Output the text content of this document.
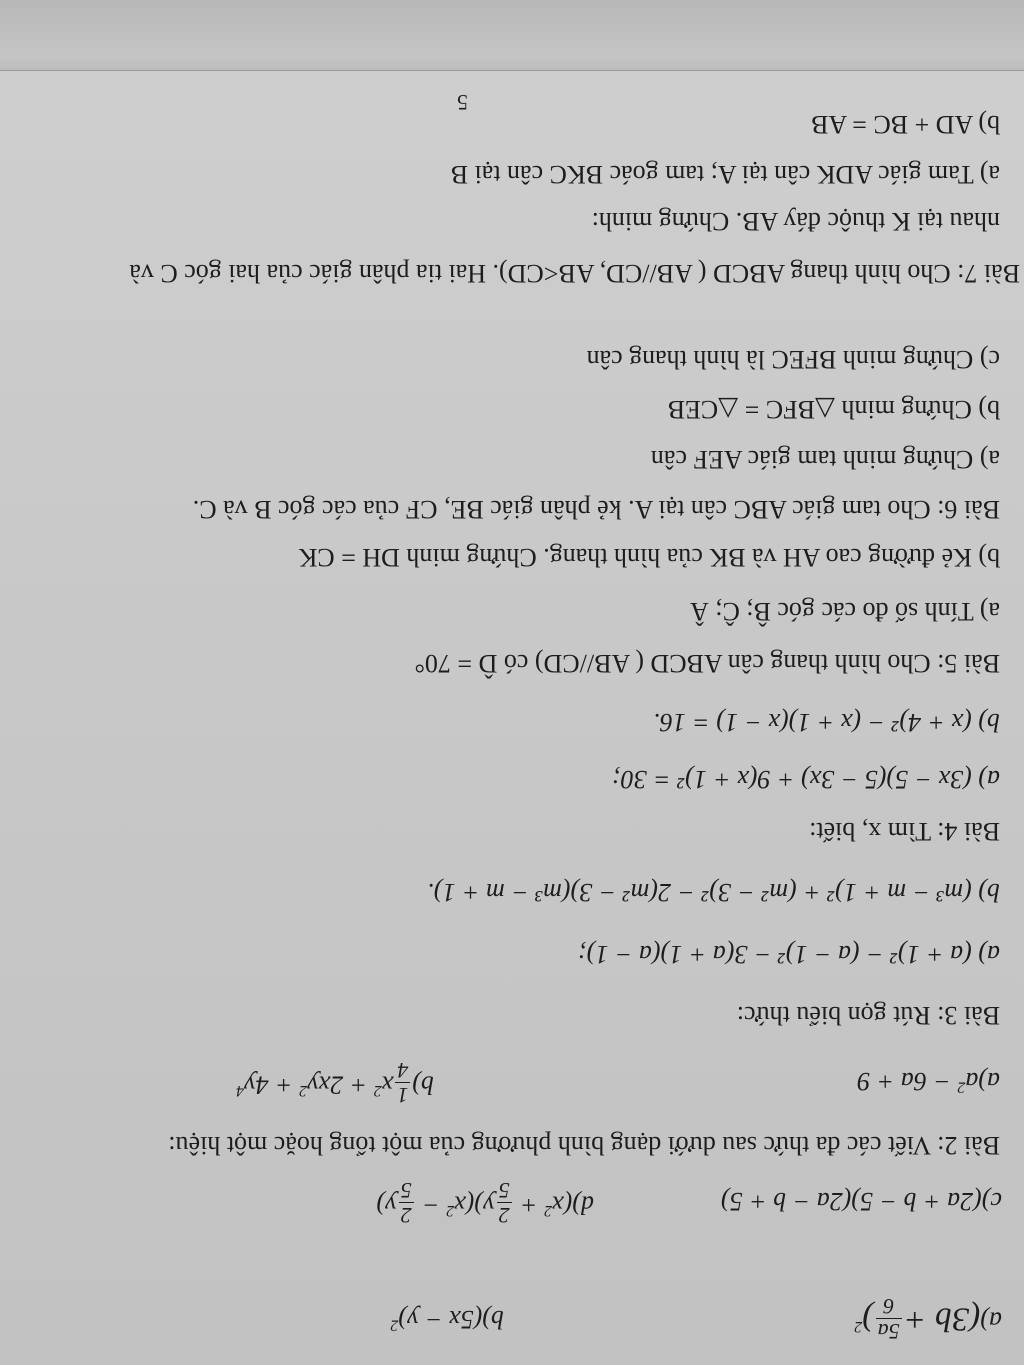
a)(3b +
5a
6
)$^2$
$b)(5x - y)^2$
c)(2a + b − 5)(2a − b + 5)
$d)(x^2$ +
2
5
$y)(x^2$ −
2
5
y)
Bài 2: Viết các đa thức sau dưới dạng bình phương của một tổng hoặc một hiệu:
$a)a^2 - 6a + 9$
b)
1
4
$x^2 + 2xy^2 + 4y^4$
Bài 3: Rút gọn biểu thức:
a) (a + 1)² − (a − 1)² − 3(a + 1)(a − 1);
b) (m³ − m + 1)² + (m² − 3)² − 2(m² − 3)(m³ − m + 1).
Bài 4: Tìm x, biết:
a) (3x − 5)(5 − 3x) + 9(x + 1)² = 30;
b) (x + 4)² − (x + 1)(x − 1) = 16.
Bài 5: Cho hình thang cân ABCD ( AB//CD) có D̂ = 70°
a) Tính số đo các góc B̂; Ĉ; Â
b) Kẻ đường cao AH và BK của hình thang. Chứng minh DH = CK
Bài 6: Cho tam giác ABC cân tại A. kẻ phân giác BE, CF của các góc B và C.
a) Chứng minh tam giác AEF cân
b) Chứng minh △BFC = △CEB
c) Chứng minh BFEC là hình thang cân
Bài 7: Cho hình thang ABCD ( AB//CD, AB<CD). Hai tia phân giác của hai góc C và
nhau tại K thuộc đáy AB. Chứng minh:
a) Tam giác ADK cân tại A; tam goác BKC cân tại B
b) AD + BC = AB
5
